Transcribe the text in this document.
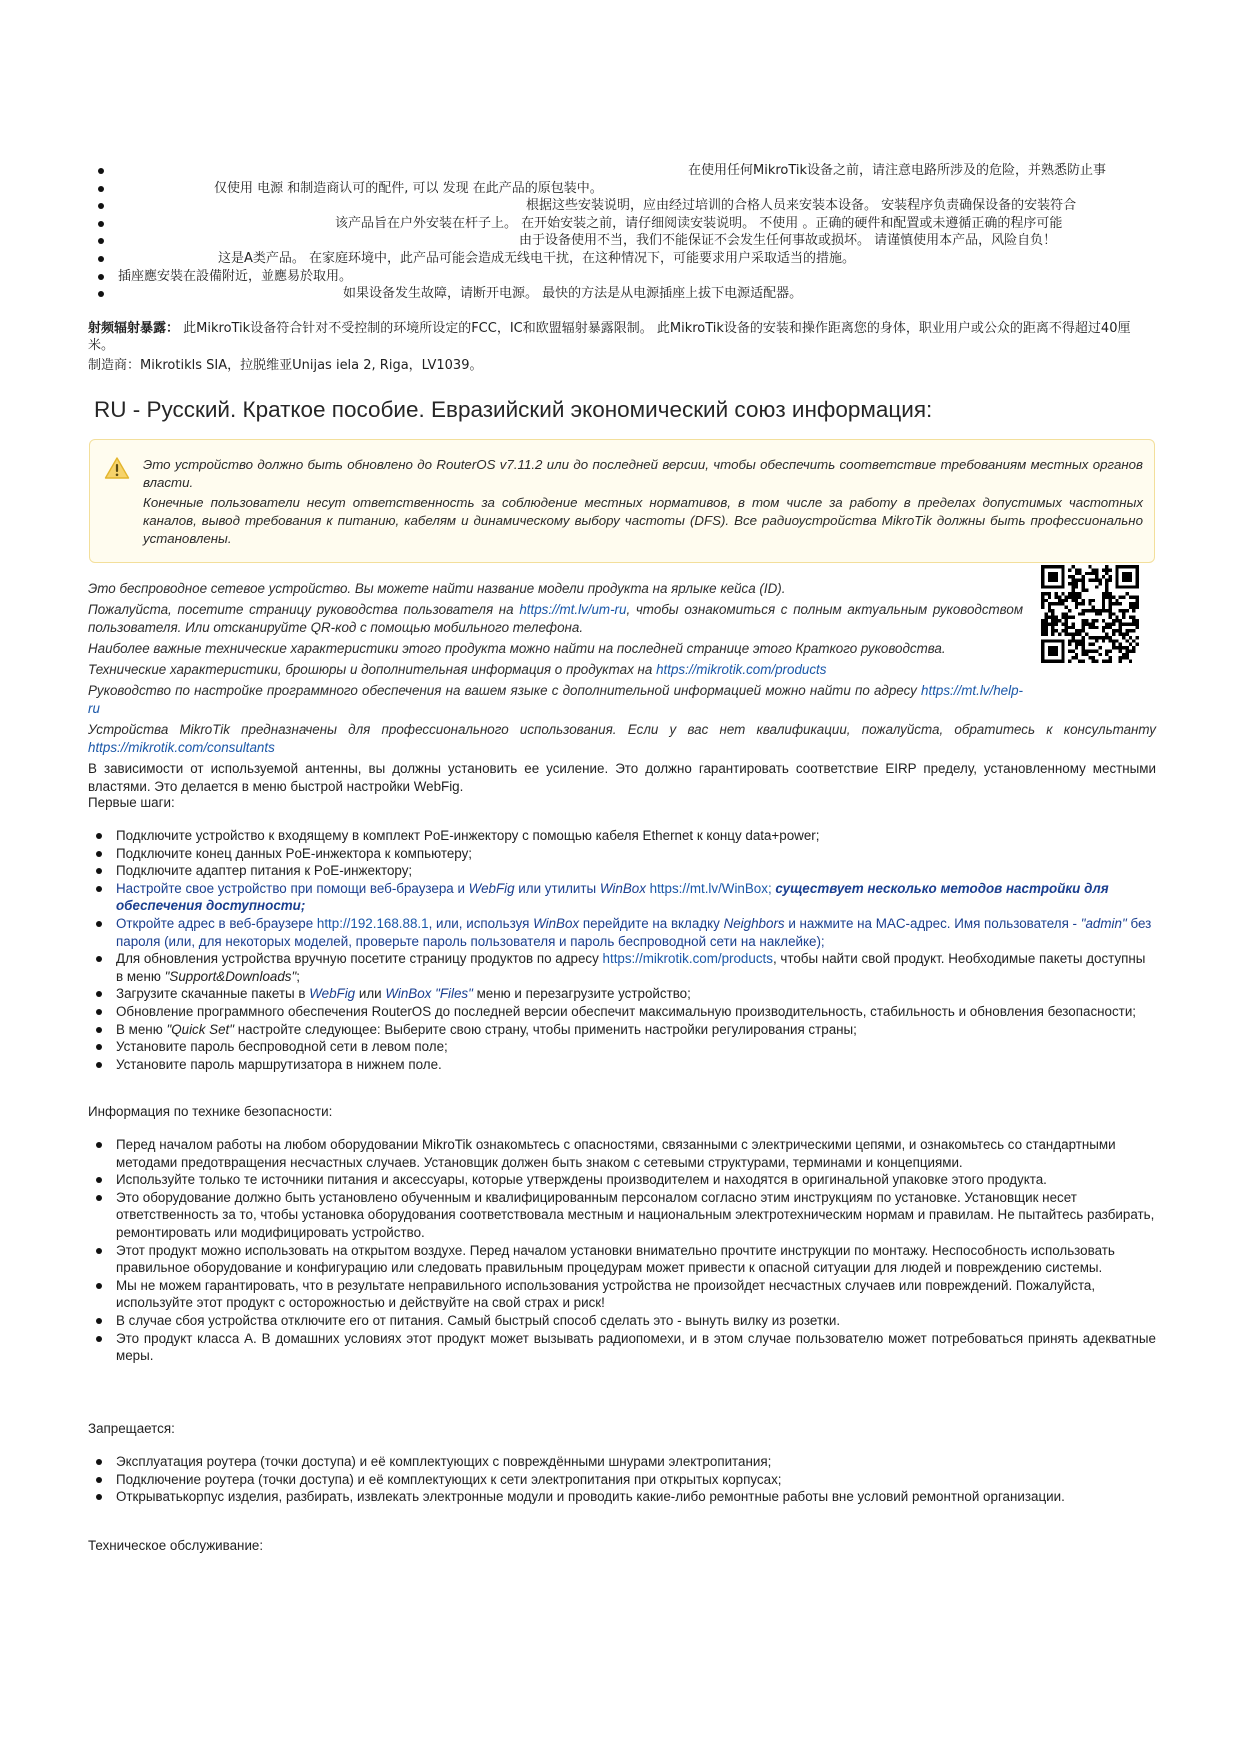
在使用任何MikroTik设备之前，请注意电路所涉及的危险，并熟悉防止事
仅使用 电源 和制造商认可的配件, 可以 发现 在此产品的原包装中。
根据这些安装说明，应由经过培训的合格人员来安装本设备。 安装程序负责确保设备的安装符合
该产品旨在户外安装在杆子上。 在开始安装之前，请仔细阅读安装说明。 不使用 。正确的硬件和配置或未遵循正确的程序可能
由于设备使用不当，我们不能保证不会发生任何事故或损坏。 请谨慎使用本产品，风险自负！
这是A类产品。 在家庭环境中，此产品可能会造成无线电干扰，在这种情况下，可能要求用户采取适当的措施。
插座應安裝在設備附近，並應易於取用。
如果设备发生故障，请断开电源。 最快的方法是从电源插座上拔下电源适配器。
射频辐射暴露： 此MikroTik设备符合针对不受控制的环境所设定的FCC，IC和欧盟辐射暴露限制。 此MikroTik设备的安装和操作距离您的身体，职业用户或公众的距离不得超过40厘米。
制造商：Mikrotikls SIA，拉脱维亚Unijas iela 2, Riga，LV1039。
RU - Русский. Краткое пособие. Евразийский экономический союз информация:

Это устройство должно быть обновлено до RouterOS v7.11.2 или до последней версии, чтобы обеспечить соответствие требованиям местных органов власти.

Конечные пользователи несут ответственность за соблюдение местных нормативов, в том числе за работу в пределах допустимых частотных каналов, вывод требования к питанию, кабелям и динамическому выбору частоты (DFS). Все радиоустройства MikroTik должны быть профессионально установлены.

Это беспроводное сетевое устройство. Вы можете найти название модели продукта на ярлыке кейса (ID).

Пожалуйста, посетите страницу руководства пользователя на https://mt.lv/um-ru, чтобы ознакомиться с полным актуальным руководством пользователя. Или отсканируйте QR-код с помощью мобильного телефона.

Наиболее важные технические характеристики этого продукта можно найти на последней странице этого Краткого руководства.

Технические характеристики, брошюры и дополнительная информация о продуктах на https://mikrotik.com/products

Руководство по настройке программного обеспечения на вашем языке с дополнительной информацией можно найти по адресу https://mt.lv/help-ru

Устройства MikroTik предназначены для профессионального использования. Если у вас нет квалификации, пожалуйста, обратитесь к консультанту https://mikrotik.com/consultants

В зависимости от используемой антенны, вы должны установить ее усиление. Это должно гарантировать соответствие EIRP пределу, установленному местными властями. Это делается в меню быстрой настройки WebFig.

Первые шаги:
Подключите устройство к входящему в комплект PoE-инжектору с помощью кабеля Ethernet к концу data+power;
Подключите конец данных PoE-инжектора к компьютеру;
Подключите адаптер питания к PoE-инжектору;
Настройте свое устройство при помощи веб-браузера и WebFig или утилиты WinBox https://mt.lv/WinBox; существует несколько методов настройки для обеспечения доступности;
Откройте адрес в веб-браузере http://192.168.88.1, или, используя WinBox перейдите на вкладку Neighbors и нажмите на MAC-адрес. Имя пользователя - "admin" без пароля (или, для некоторых моделей, проверьте пароль пользователя и пароль беспроводной сети на наклейке);
Для обновления устройства вручную посетите страницу продуктов по адресу https://mikrotik.com/products, чтобы найти свой продукт. Необходимые пакеты доступны в меню "Support&Downloads";
Загрузите скачанные пакеты в WebFig или WinBox "Files" меню и перезагрузите устройство;
Обновление программного обеспечения RouterOS до последней версии обеспечит максимальную производительность, стабильность и обновления безопасности;
В меню "Quick Set" настройте следующее: Выберите свою страну, чтобы применить настройки регулирования страны;
Установите пароль беспроводной сети в левом поле;
Установите пароль маршрутизатора в нижнем поле.
Информация по технике безопасности:
Перед началом работы на любом оборудовании MikroTik ознакомьтесь с опасностями, связанными с электрическими цепями, и ознакомьтесь со стандартными методами предотвращения несчастных случаев. Установщик должен быть знаком с сетевыми структурами, терминами и концепциями.
Используйте только те источники питания и аксессуары, которые утверждены производителем и находятся в оригинальной упаковке этого продукта.
Это оборудование должно быть установлено обученным и квалифицированным персоналом согласно этим инструкциям по установке. Установщик несет ответственность за то, чтобы установка оборудования соответствовала местным и национальным электротехническим нормам и правилам. Не пытайтесь разбирать, ремонтировать или модифицировать устройство.
Этот продукт можно использовать на открытом воздухе. Перед началом установки внимательно прочтите инструкции по монтажу. Неспособность использовать правильное оборудование и конфигурацию или следовать правильным процедурам может привести к опасной ситуации для людей и повреждению системы.
Мы не можем гарантировать, что в результате неправильного использования устройства не произойдет несчастных случаев или повреждений. Пожалуйста, используйте этот продукт с осторожностью и действуйте на свой страх и риск!
В случае сбоя устройства отключите его от питания. Самый быстрый способ сделать это - вынуть вилку из розетки.
Это продукт класса A. В домашних условиях этот продукт может вызывать радиопомехи, и в этом случае пользователю может потребоваться принять адекватные меры.
Запрещается:
Эксплуатация роутера (точки доступа) и её комплектующих с повреждёнными шнурами электропитания;
Подключение роутера (точки доступа) и её комплектующих к сети электропитания при открытых корпусах;
Открыватькорпус изделия, разбирать, извлекать электронные модули и проводить какие-либо ремонтные работы вне условий ремонтной организации.
Техническое обслуживание:
